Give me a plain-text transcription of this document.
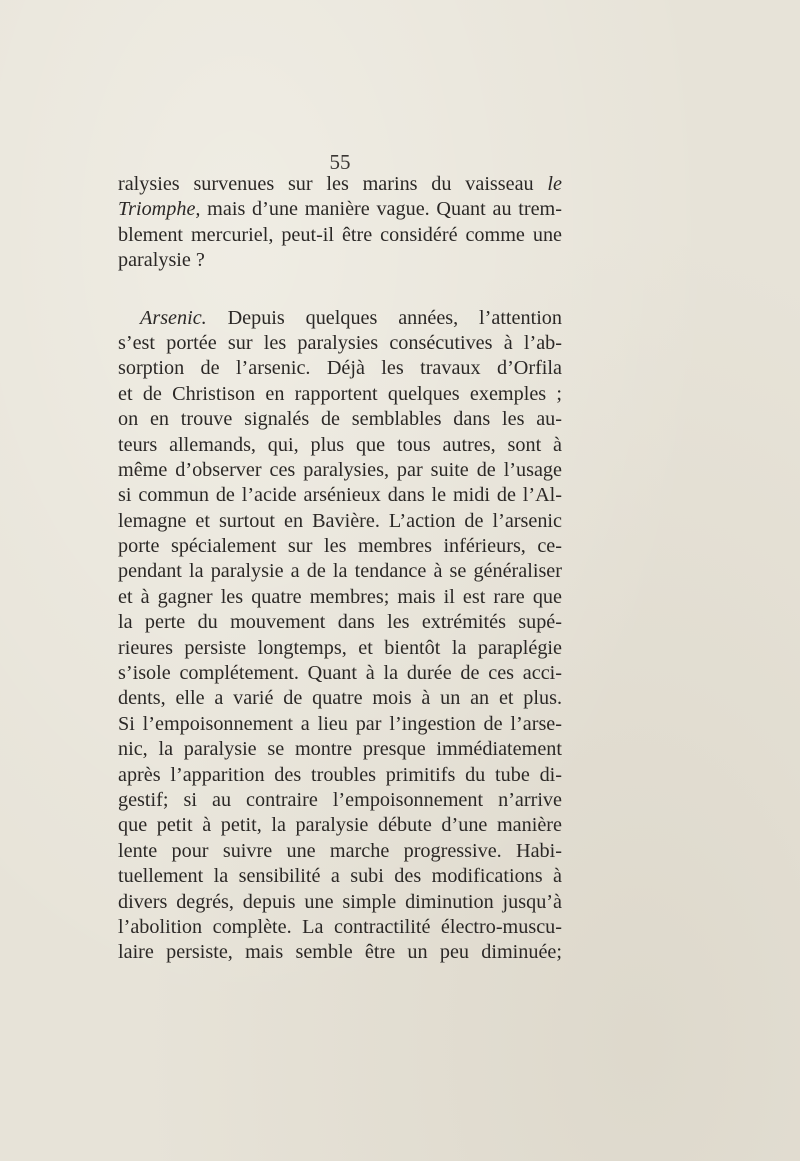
55
ralysies survenues sur les marins du vaisseau le
Triomphe, mais d’une manière vague. Quant au trem-
blement mercuriel, peut-il être considéré comme une
paralysie ?
Arsenic. Depuis quelques années, l’attention
s’est portée sur les paralysies consécutives à l’ab-
sorption de l’arsenic. Déjà les travaux d’Orfila
et de Christison en rapportent quelques exemples ;
on en trouve signalés de semblables dans les au-
teurs allemands, qui, plus que tous autres, sont à
même d’observer ces paralysies, par suite de l’usage
si commun de l’acide arsénieux dans le midi de l’Al-
lemagne et surtout en Bavière. L’action de l’arsenic
porte spécialement sur les membres inférieurs, ce-
pendant la paralysie a de la tendance à se généraliser
et à gagner les quatre membres; mais il est rare que
la perte du mouvement dans les extrémités supé-
rieures persiste longtemps, et bientôt la paraplégie
s’isole complétement. Quant à la durée de ces acci-
dents, elle a varié de quatre mois à un an et plus.
Si l’empoisonnement a lieu par l’ingestion de l’arse-
nic, la paralysie se montre presque immédiatement
après l’apparition des troubles primitifs du tube di-
gestif; si au contraire l’empoisonnement n’arrive
que petit à petit, la paralysie débute d’une manière
lente pour suivre une marche progressive. Habi-
tuellement la sensibilité a subi des modifications à
divers degrés, depuis une simple diminution jusqu’à
l’abolition complète. La contractilité électro-muscu-
laire persiste, mais semble être un peu diminuée;
